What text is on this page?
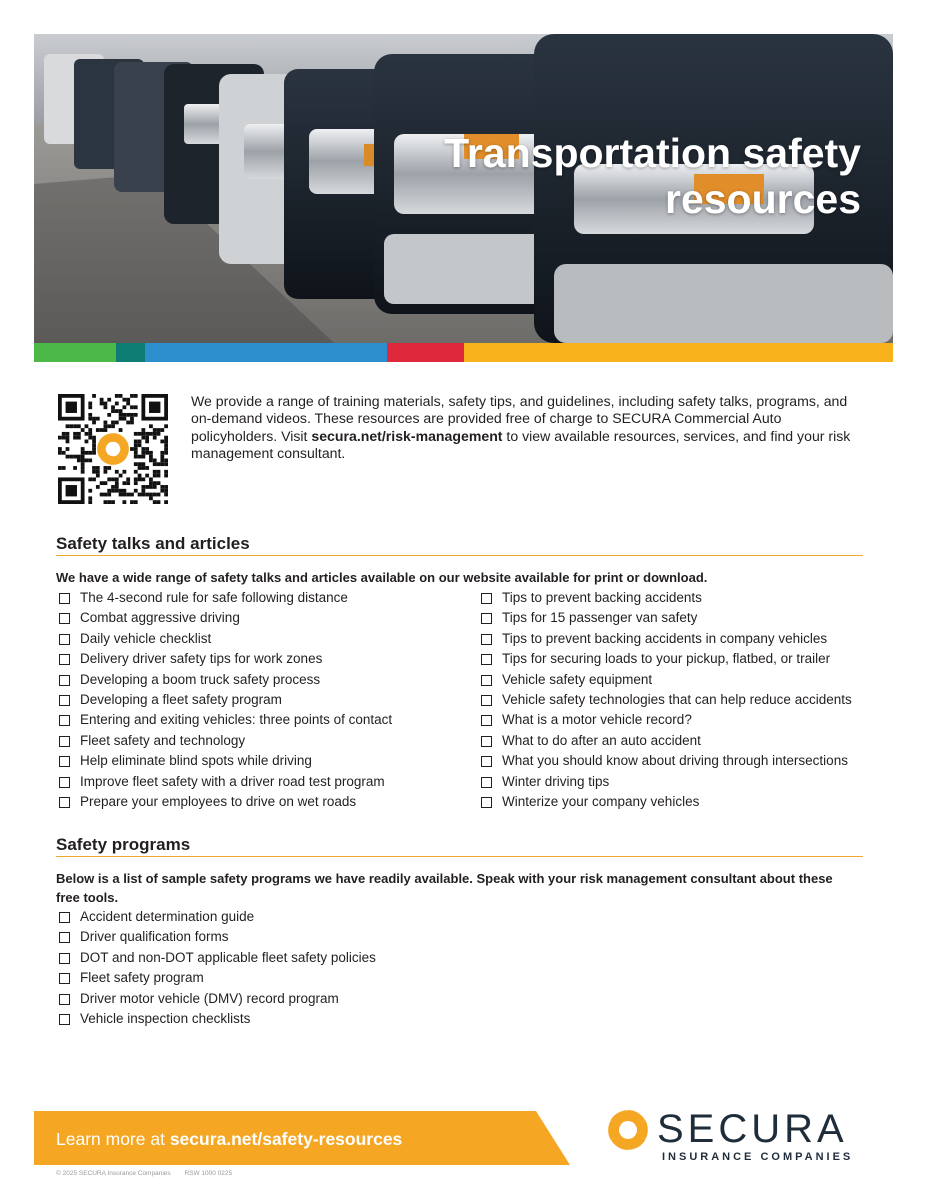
Transportation safety resources
We provide a range of training materials, safety tips, and guidelines, including safety talks, programs, and on-demand videos. These resources are provided free of charge to SECURA Commercial Auto policyholders. Visit secura.net/risk-management to view available resources, services, and find your risk management consultant.
Safety talks and articles
We have a wide range of safety talks and articles available on our website available for print or download.
The 4-second rule for safe following distance
Combat aggressive driving
Daily vehicle checklist
Delivery driver safety tips for work zones
Developing a boom truck safety process
Developing a fleet safety program
Entering and exiting vehicles: three points of contact
Fleet safety and technology
Help eliminate blind spots while driving
Improve fleet safety with a driver road test program
Prepare your employees to drive on wet roads
Tips to prevent backing accidents
Tips for 15 passenger van safety
Tips to prevent backing accidents in company vehicles
Tips for securing loads to your pickup, flatbed, or trailer
Vehicle safety equipment
Vehicle safety technologies that can help reduce accidents
What is a motor vehicle record?
What to do after an auto accident
What you should know about driving through intersections
Winter driving tips
Winterize your company vehicles
Safety programs
Below is a list of sample safety programs we have readily available. Speak with your risk management consultant about these free tools.
Accident determination guide
Driver qualification forms
DOT and non-DOT applicable fleet safety policies
Fleet safety program
Driver motor vehicle (DMV) record program
Vehicle inspection checklists
Learn more at secura.net/safety-resources	SECURA
INSURANCE COMPANIES
© 2025 SECURA Insurance Companies RSW 1000 0225
